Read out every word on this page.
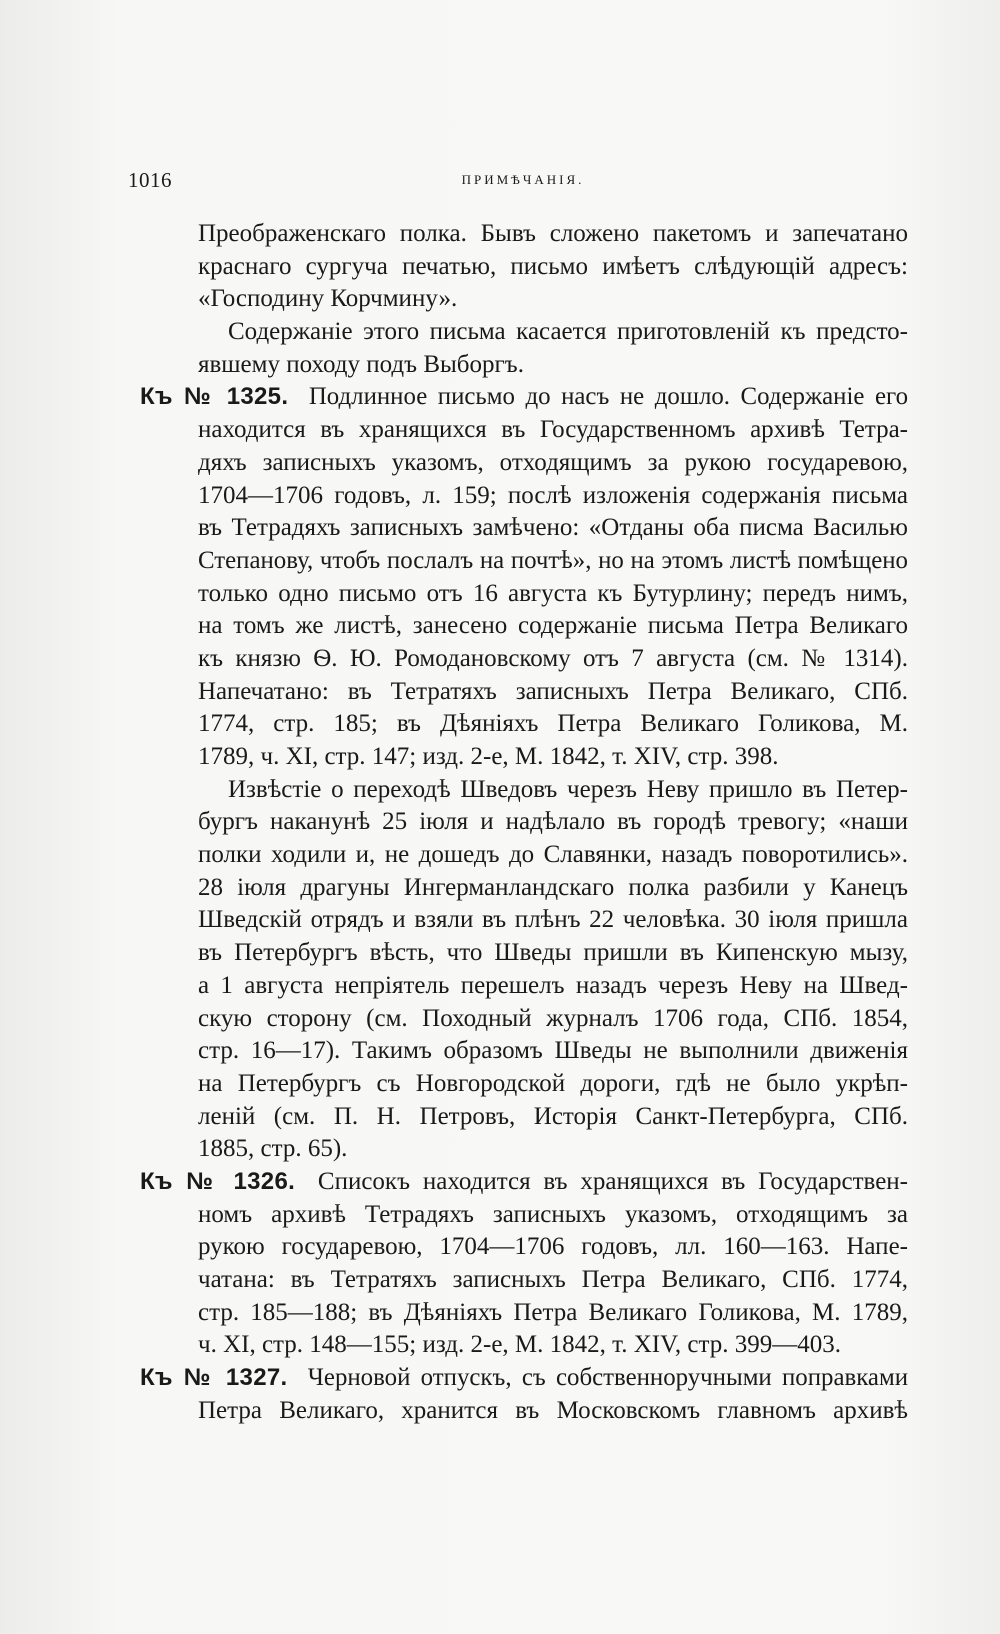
1016	ПРИМѢЧАНІЯ.
Преображенскаго полка. Бывъ сложено пакетомъ и запечатано
краснаго сургуча печатью, письмо имѣетъ слѣдующій адресъ:
«Господину Корчмину».
Содержаніе этого письма касается приготовленій къ предсто-
явшему походу подъ Выборгъ.
Къ № 1325. Подлинное письмо до насъ не дошло. Содержаніе его
находится въ хранящихся въ Государственномъ архивѣ Тетра-
дяхъ записныхъ указомъ, отходящимъ за рукою государевою,
1704—1706 годовъ, л. 159; послѣ изложенія содержанія письма
въ Тетрадяхъ записныхъ замѣчено: «Отданы оба писма Василью
Степанову, чтобъ послалъ на почтѣ», но на этомъ листѣ помѣщено
только одно письмо отъ 16 августа къ Бутурлину; передъ нимъ,
на томъ же листѣ, занесено содержаніе письма Петра Великаго
къ князю Ѳ. Ю. Ромодановскому отъ 7 августа (см. № 1314).
Напечатано: въ Тетратяхъ записныхъ Петра Великаго, СПб.
1774, стр. 185; въ Дѣяніяхъ Петра Великаго Голикова, М.
1789, ч. XI, стр. 147; изд. 2-е, М. 1842, т. XIV, стр. 398.
Извѣстіе о переходѣ Шведовъ черезъ Неву пришло въ Петер-
бургъ наканунѣ 25 іюля и надѣлало въ городѣ тревогу; «наши
полки ходили и, не дошедъ до Славянки, назадъ поворотились».
28 іюля драгуны Ингерманландскаго полка разбили у Канецъ
Шведскій отрядъ и взяли въ плѣнъ 22 человѣка. 30 іюля пришла
въ Петербургъ вѣсть, что Шведы пришли въ Кипенскую мызу,
а 1 августа непріятель перешелъ назадъ черезъ Неву на Швед-
скую сторону (см. Походный журналъ 1706 года, СПб. 1854,
стр. 16—17). Такимъ образомъ Шведы не выполнили движенія
на Петербургъ съ Новгородской дороги, гдѣ не было укрѣп-
леній (см. П. Н. Петровъ, Исторія Санкт-Петербурга, СПб.
1885, стр. 65).
Къ № 1326. Списокъ находится въ хранящихся въ Государствен-
номъ архивѣ Тетрадяхъ записныхъ указомъ, отходящимъ за
рукою государевою, 1704—1706 годовъ, лл. 160—163. Напе-
чатана: въ Тетратяхъ записныхъ Петра Великаго, СПб. 1774,
стр. 185—188; въ Дѣяніяхъ Петра Великаго Голикова, М. 1789,
ч. XI, стр. 148—155; изд. 2-е, М. 1842, т. XIV, стр. 399—403.
Къ № 1327. Черновой отпускъ, съ собственноручными поправками
Петра Великаго, хранится въ Московскомъ главномъ архивѣ
